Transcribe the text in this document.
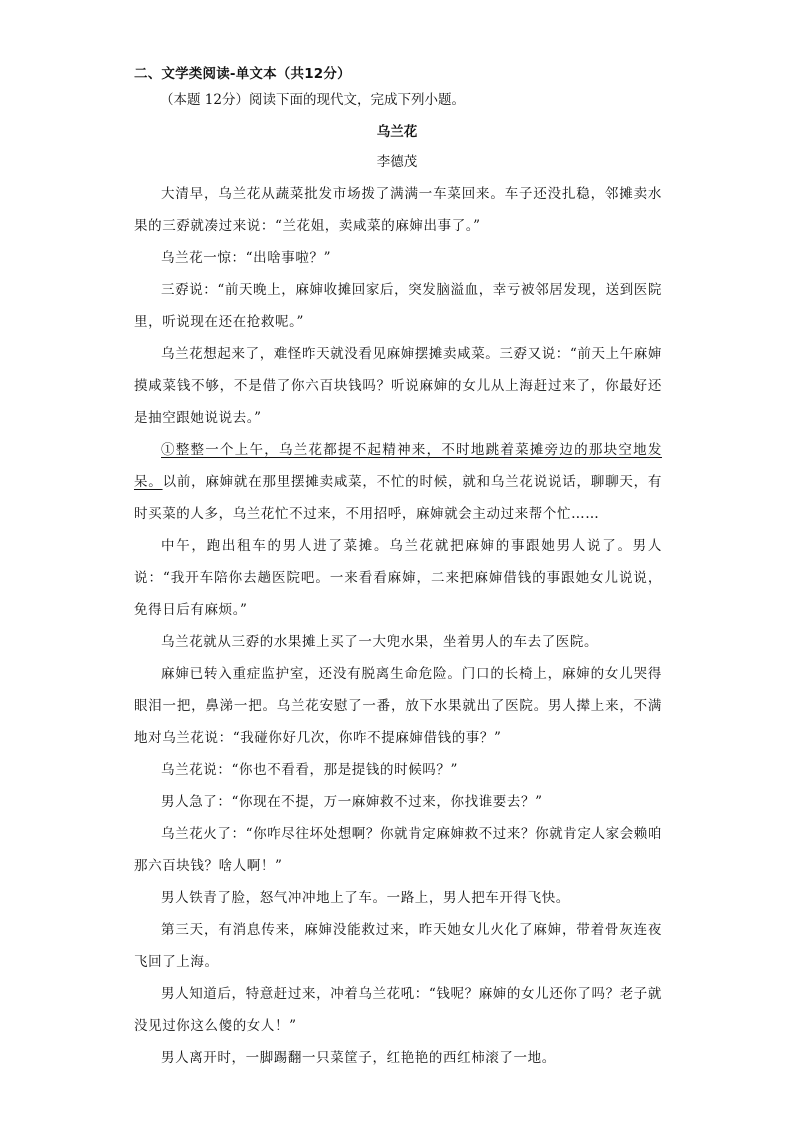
二、文学类阅读-单文本（共12分）
（本题 12分）阅读下面的现代文，完成下列小题。
乌兰花
李德茂

大清早，乌兰花从蔬菜批发市场拨了满满一车菜回来。车子还没扎稳，邻摊卖水果的三孬就凑过来说：“兰花姐，卖咸菜的麻婶出事了。”

乌兰花一惊：“出啥事啦？”

三孬说：“前天晚上，麻婶收摊回家后，突发脑溢血，幸亏被邻居发现，送到医院里，听说现在还在抢救呢。”

乌兰花想起来了，难怪昨天就没看见麻婶摆摊卖咸菜。三孬又说：“前天上午麻婶摸咸菜钱不够，不是借了你六百块钱吗？听说麻婶的女儿从上海赶过来了，你最好还是抽空跟她说说去。”

①整整一个上午，乌兰花都提不起精神来，不时地跳着菜摊旁边的那块空地发呆。以前，麻婶就在那里摆摊卖咸菜，不忙的时候，就和乌兰花说说话，聊聊天，有时买菜的人多，乌兰花忙不过来，不用招呼，麻婶就会主动过来帮个忙……

中午，跑出租车的男人进了菜摊。乌兰花就把麻婶的事跟她男人说了。男人说：“我开车陪你去趟医院吧。一来看看麻婶，二来把麻婶借钱的事跟她女儿说说，免得日后有麻烦。”

乌兰花就从三孬的水果摊上买了一大兜水果，坐着男人的车去了医院。

麻婶已转入重症监护室，还没有脱离生命危险。门口的长椅上，麻婶的女儿哭得眼泪一把，鼻涕一把。乌兰花安慰了一番，放下水果就出了医院。男人撵上来，不满地对乌兰花说：“我碰你好几次，你咋不提麻婶借钱的事？”

乌兰花说：“你也不看看，那是提钱的时候吗？”

男人急了：“你现在不提，万一麻婶救不过来，你找谁要去？”

乌兰花火了：“你咋尽往坏处想啊？你就肯定麻婶救不过来？你就肯定人家会赖咱那六百块钱？啥人啊！”

男人铁青了脸，怒气冲冲地上了车。一路上，男人把车开得飞快。

第三天，有消息传来，麻婶没能救过来，昨天她女儿火化了麻婶，带着骨灰连夜飞回了上海。

男人知道后，特意赶过来，冲着乌兰花吼：“钱呢？麻婶的女儿还你了吗？老子就没见过你这么傻的女人！”

男人离开时，一脚踢翻一只菜筐子，红艳艳的西红柿滚了一地。
